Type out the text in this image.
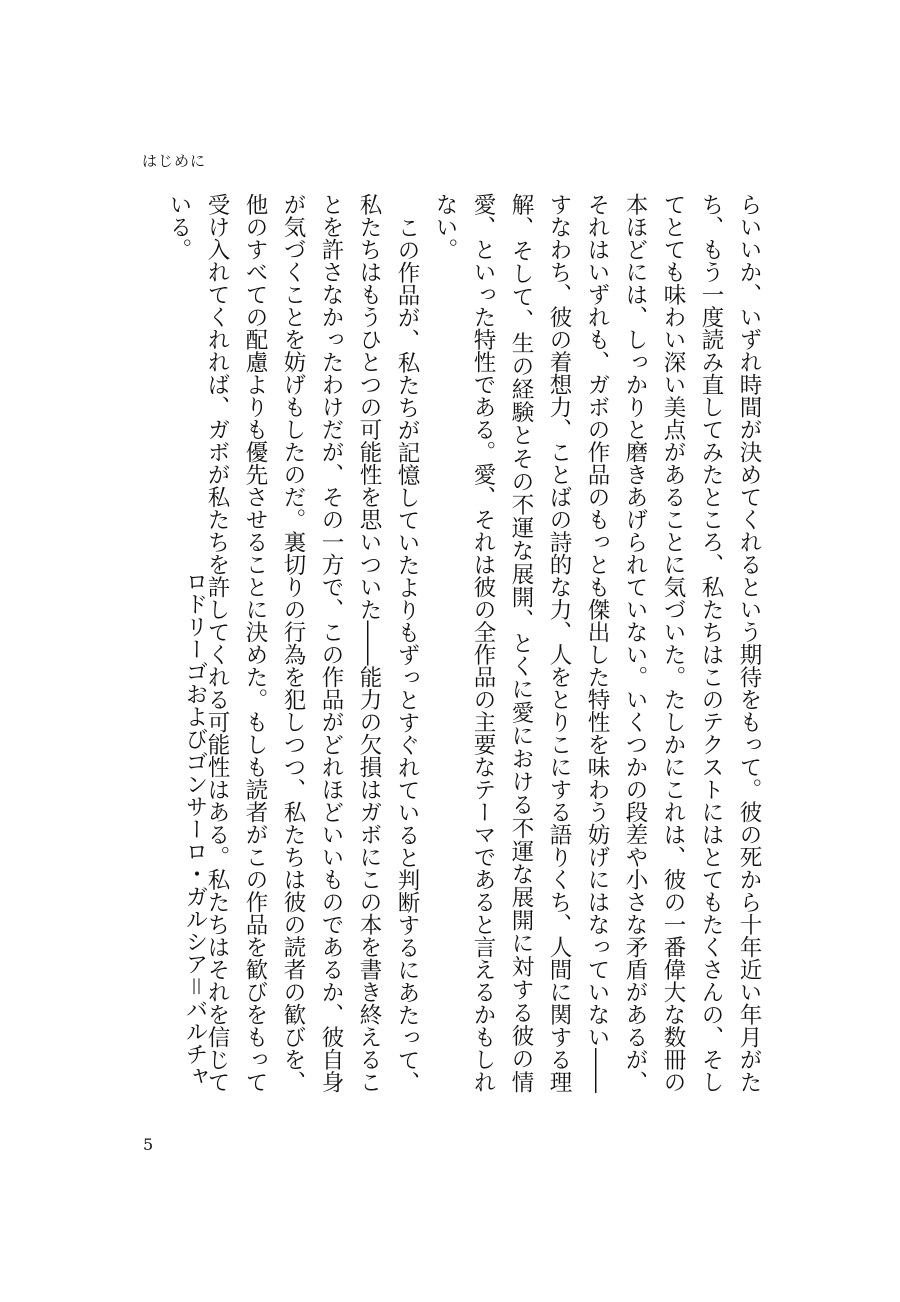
はじめに

らいいか、いずれ時間が決めてくれるという期待をもって。彼の死から十年近い年月がたち、もう一度読み直してみたところ、私たちはこのテクストにはとてもたくさんの、そしてとても味わい深い美点があることに気づいた。たしかにこれは、彼の一番偉大な数冊の本ほどには、しっかりと磨きあげられていない。いくつかの段差や小さな矛盾があるが、それはいずれも、ガボの作品のもっとも傑出した特性を味わう妨げにはなっていない――すなわち、彼の着想力、ことばの詩的な力、人をとりこにする語りくち、人間に関する理解、そして、生の経験とその不運な展開、とくに愛における不運な展開に対する彼の情愛、といった特性である。愛、それは彼の全作品の主要なテーマであると言えるかもしれない。

この作品が、私たちが記憶していたよりもずっとすぐれていると判断するにあたって、私たちはもうひとつの可能性を思いついた――能力の欠損はガボにこの本を書き終えることを許さなかったわけだが、その一方で、この作品がどれほどいいものであるか、彼自身が気づくことを妨げもしたのだ。裏切りの行為を犯しつつ、私たちは彼の読者の歓びを、他のすべての配慮よりも優先させることに決めた。もしも読者がこの作品を歓びをもって受け入れてくれれば、ガボが私たちを許してくれる可能性はある。私たちはそれを信じている。

ロドリーゴおよびゴンサーロ・ガルシア＝バルチャ
5
